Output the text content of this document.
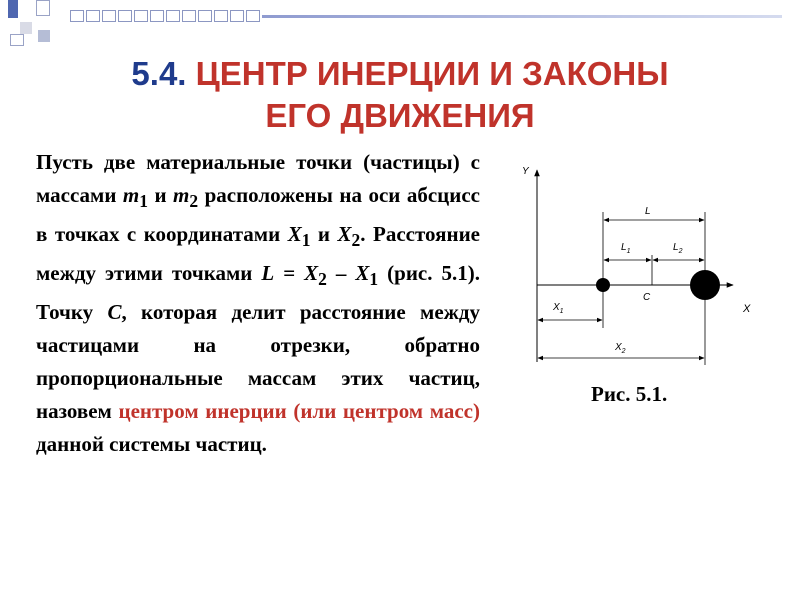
5.4. ЦЕНТР ИНЕРЦИИ И ЗАКОНЫ
ЕГО ДВИЖЕНИЯ
Пусть две материальные точки (частицы) с массами $m_1$ и $m_2$ расположены на оси абсцисс в точках с координатами $X_1$ и $X_2$. Расстояние между этими точками $L = X_2 - X_1$ (рис. 5.1). Точку C, которая делит расстояние между частицами на отрезки, обратно пропорциональные массам этих частиц, назовем центром инерции (или центром масс) данной системы частиц.
Y
X
L
$L_1$	$L_2$
C
$X_1$
$X_2$
Рис. 5.1.
